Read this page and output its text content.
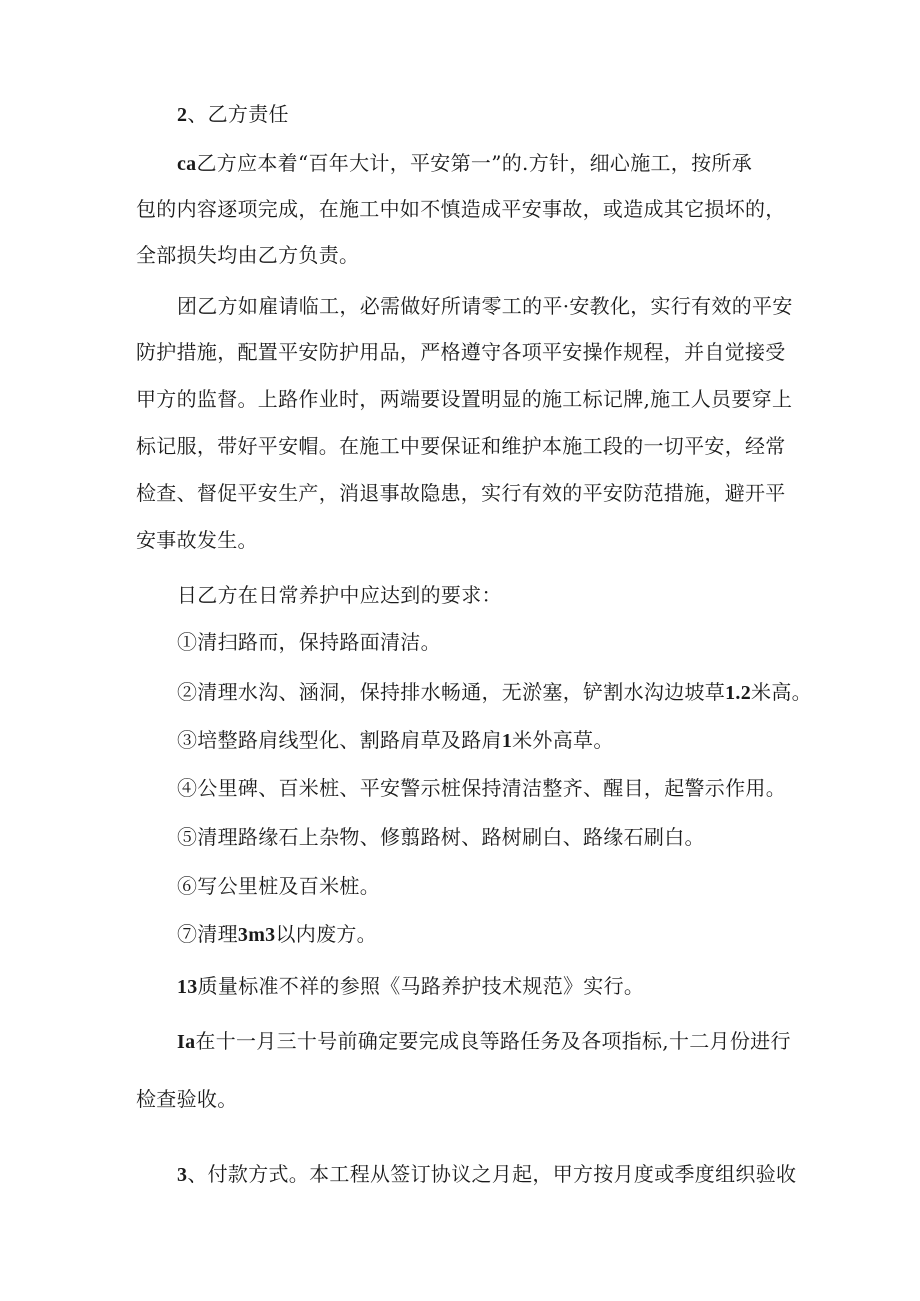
2、乙方责任
ca乙方应本着“百年大计，平安第一”的.方针，细心施工，按所承
包的内容逐项完成，在施工中如不慎造成平安事故，或造成其它损坏的，
全部损失均由乙方负责。
团乙方如雇请临工，必需做好所请零工的平·安教化，实行有效的平安
防护措施，配置平安防护用品，严格遵守各项平安操作规程，并自觉接受
甲方的监督。上路作业时，两端要设置明显的施工标记牌,施工人员要穿上
标记服，带好平安帽。在施工中要保证和维护本施工段的一切平安，经常
检查、督促平安生产，消退事故隐患，实行有效的平安防范措施，避开平
安事故发生。
日乙方在日常养护中应达到的要求：
①清扫路而，保持路面清洁。
②清理水沟、涵洞，保持排水畅通，无淤塞，铲割水沟边坡草1.2米高。
③培整路肩线型化、割路肩草及路肩1米外高草。
④公里碑、百米桩、平安警示桩保持清洁整齐、醒目，起警示作用。
⑤清理路缘石上杂物、修翦路树、路树刷白、路缘石刷白。
⑥写公里桩及百米桩。
⑦清理3m3以内废方。
13质量标准不祥的参照《马路养护技术规范》实行。
Ia在十一月三十号前确定要完成良等路任务及各项指标,十二月份进行
检查验收。
3、付款方式。本工程从签订协议之月起，甲方按月度或季度组织验收
